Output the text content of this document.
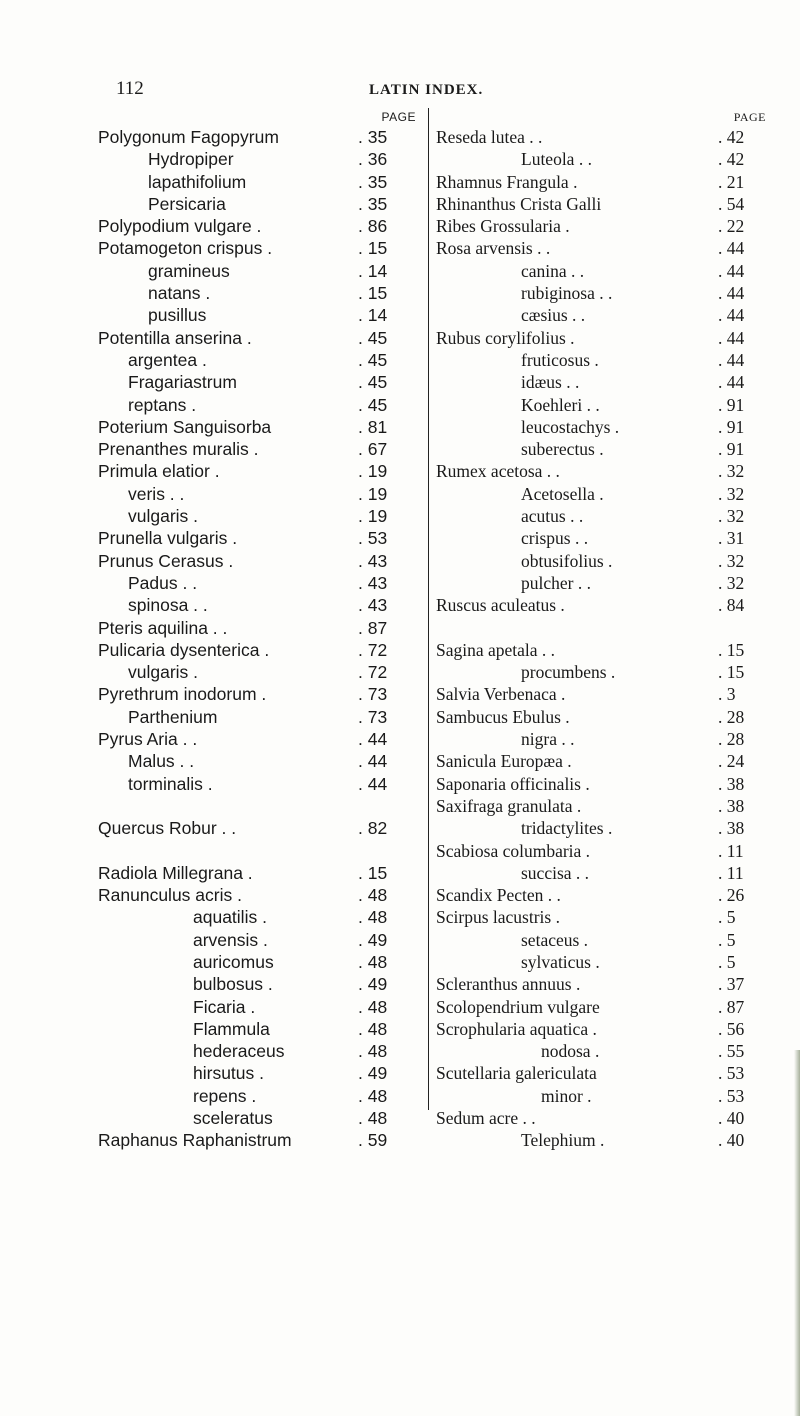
112	LATIN INDEX.
PAGE
Polygonum Fagopyrum	. 35
Hydropiper	. 36
lapathifolium	. 35
Persicaria	. 35
Polypodium vulgare .	. 86
Potamogeton crispus .	. 15
gramineus	. 14
natans .	. 15
pusillus	. 14
Potentilla anserina .	. 45
argentea .	. 45
Fragariastrum	. 45
reptans .	. 45
Poterium Sanguisorba	. 81
Prenanthes muralis .	. 67
Primula elatior .	. 19
veris . .	. 19
vulgaris .	. 19
Prunella vulgaris .	. 53
Prunus Cerasus .	. 43
Padus . .	. 43
spinosa . .	. 43
Pteris aquilina . .	. 87
Pulicaria dysenterica .	. 72
vulgaris .	. 72
Pyrethrum inodorum .	. 73
Parthenium	. 73
Pyrus Aria . .	. 44
Malus . .	. 44
torminalis .	. 44
Quercus Robur . .	. 82
Radiola Millegrana .	. 15
Ranunculus acris .	. 48
aquatilis .	. 48
arvensis .	. 49
auricomus	. 48
bulbosus .	. 49
Ficaria .	. 48
Flammula	. 48
hederaceus	. 48
hirsutus .	. 49
repens .	. 48
sceleratus	. 48
Raphanus Raphanistrum	. 59
PAGE
Reseda lutea . .	. 42
Luteola . .	. 42
Rhamnus Frangula .	. 21
Rhinanthus Crista Galli	. 54
Ribes Grossularia .	. 22
Rosa arvensis . .	. 44
canina . .	. 44
rubiginosa . .	. 44
cæsius . .	. 44
Rubus corylifolius .	. 44
fruticosus .	. 44
idæus . .	. 44
Koehleri . .	. 91
leucostachys .	. 91
suberectus .	. 91
Rumex acetosa . .	. 32
Acetosella .	. 32
acutus . .	. 32
crispus . .	. 31
obtusifolius .	. 32
pulcher . .	. 32
Ruscus aculeatus .	. 84
Sagina apetala . .	. 15
procumbens .	. 15
Salvia Verbenaca .	. 3
Sambucus Ebulus .	. 28
nigra . .	. 28
Sanicula Europæa .	. 24
Saponaria officinalis .	. 38
Saxifraga granulata .	. 38
tridactylites .	. 38
Scabiosa columbaria .	. 11
succisa . .	. 11
Scandix Pecten . .	. 26
Scirpus lacustris .	. 5
setaceus .	. 5
sylvaticus .	. 5
Scleranthus annuus .	. 37
Scolopendrium vulgare	. 87
Scrophularia aquatica .	. 56
nodosa .	. 55
Scutellaria galericulata	. 53
minor .	. 53
Sedum acre . .	. 40
Telephium .	. 40
